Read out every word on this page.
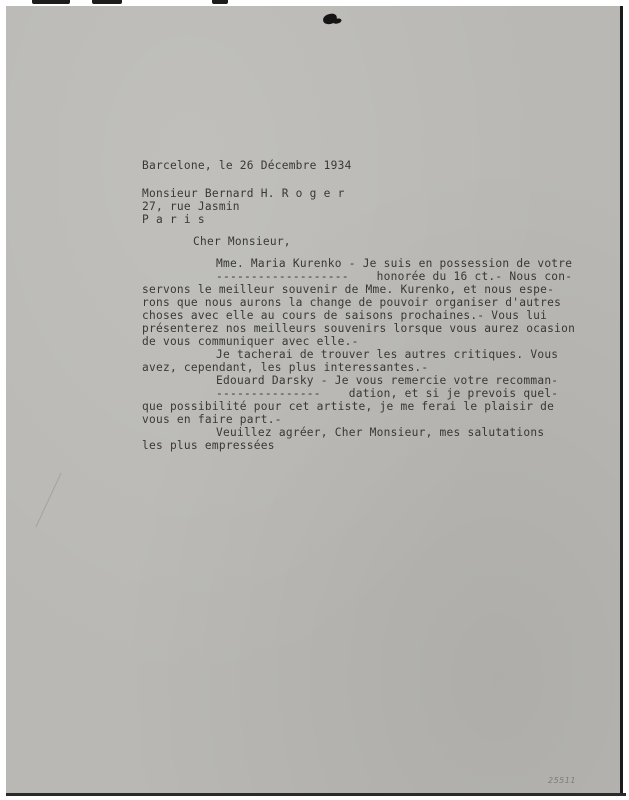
Barcelone, le 26 Décembre 1934
Monsieur Bernard H. R o g e r
27, rue Jasmin
P a r i s
Cher Monsieur,
Mme. Maria Kurenko - Je suis en possession de votre
-------------------    honorée du 16 ct.- Nous con-
servons le meilleur souvenir de Mme. Kurenko, et nous espe-
rons que nous aurons la change de pouvoir organiser d'autres
choses avec elle au cours de saisons prochaines.- Vous lui
présenterez nos meilleurs souvenirs lorsque vous aurez ocasion
de vous communiquer avec elle.-
Je tacherai de trouver les autres critiques. Vous
avez, cependant, les plus interessantes.-
Edouard Darsky - Je vous remercie votre recomman-
---------------    dation, et si je prevois quel-
que possibilité pour cet artiste, je me ferai le plaisir de
vous en faire part.-
Veuillez agréer, Cher Monsieur, mes salutations
les plus empressées
25511
